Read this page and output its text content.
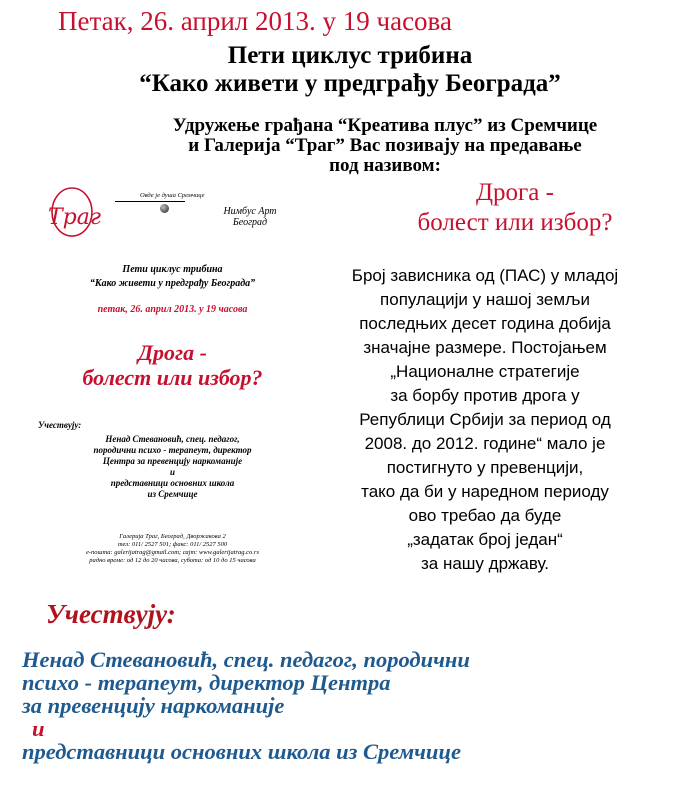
Петак, 26. април 2013. у 19 часова
Пети циклус трибина
“Како живети у предграђу Београда”
Удружење грађана “Креатива плус” из Сремчице
и Галерија “Траг” Вас позивају на предавање
под називом:
Траг
Овде је душа Сремчице
Нимбус Арт
Београд
Пети циклус трибина
“Како живети у предграђу Београда”
петак, 26. април 2013. у 19 часова
Дрога -
болест или избор?
Учествују:
Ненад Стевановић, спец. педагог,
породични психо - терапеут, директор
Центра за превенцију наркоманије
и
представници основних школа
из Сремчице
Галерија Траг, Београд, Дворжакова 2
тел: 011/ 2527 501; факс: 011/ 2527 500
е-пошта: galerijatrag@gmail.com; сајт: www.galerijatrag.co.rs
радно време: од 12 до 20 часова, субота: од 10 до 15 часова
Дрога -
болест или избор?
Број зависника од (ПАС) у младој
популацији у нашој земљи
последњих десет година добија
значајне размере. Постојањем
„Националне стратегије
за борбу против дрога у
Републици Србији за период од
2008. до 2012. године“ мало је
постигнуто у превенцији,
тако да би у наредном периоду
ово требао да буде
„задатак број један“
за нашу државу.
Учествују:
Ненад Стевановић, спец. педагог, породични
психо - терапеут, директор Центра
за превенцију наркоманије
и
представници основних школа из Сремчице
